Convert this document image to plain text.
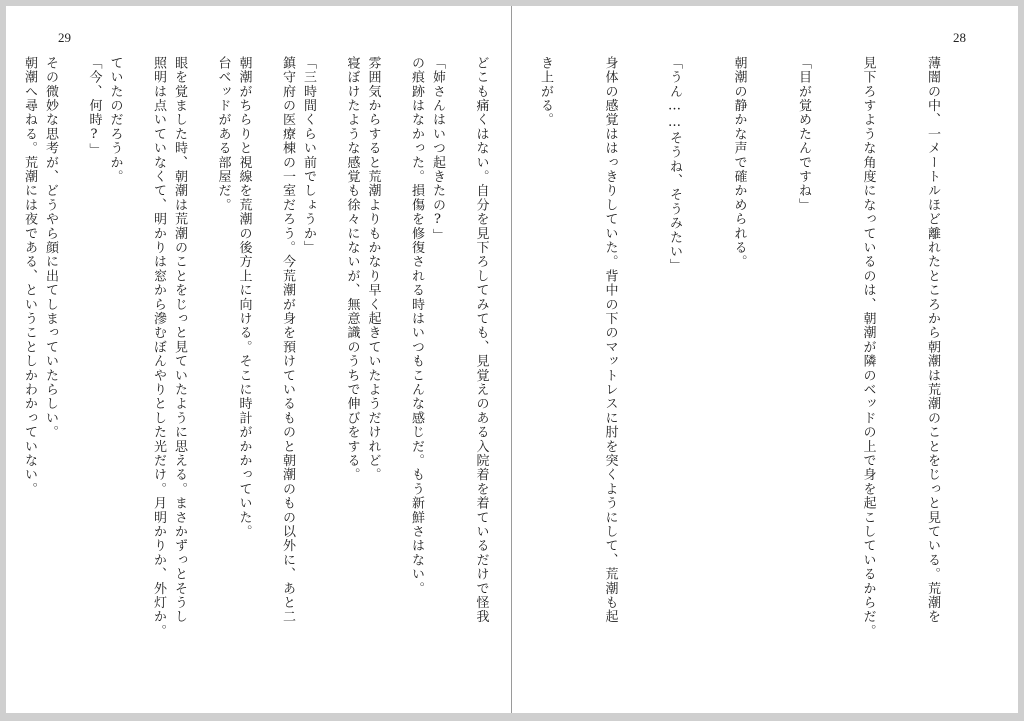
29

「姉さんはいつ起きたの?」

雰囲気からすると荒潮よりもかなり早く起きていたようだけれど。

「三時間くらい前でしょうか」

朝潮がちらりと視線を荒潮の後方上に向ける。そこに時計がかかっていた。

眼を覚ました時、朝潮は荒潮のことをじっと見ていたように思える。まさかずっとそうし

ていたのだろうか。

その微妙な思考が、どうやら顔に出てしまっていたらしい。

28

薄闇の中、一メートルほど離れたところから朝潮は荒潮のことをじっと見ている。荒潮を

見下ろすような角度になっているのは、朝潮が隣のベッドの上で身を起こしているからだ。

「目が覚めたんですね」

朝潮の静かな声で確かめられる。

「うん……そうね、そうみたい」

身体の感覚ははっきりしていた。背中の下のマットレスに肘を突くようにして、荒潮も起

き上がる。

どこも痛くはない。自分を見下ろしてみても、見覚えのある入院着を着ているだけで怪我

の痕跡はなかった。損傷を修復される時はいつもこんな感じだ。もう新鮮さはない。

寝ぼけたような感覚も徐々にないが、無意識のうちで伸びをする。

鎮守府の医療棟の一室だろう。今荒潮が身を預けているものと朝潮のもの以外に、あと二

台ベッドがある部屋だ。

照明は点いていなくて、明かりは窓から滲むぼんやりとした光だけ。月明かりか、外灯か。

「今、何時?」

朝潮へ尋ねる。荒潮には夜である、ということしかわかっていない。
